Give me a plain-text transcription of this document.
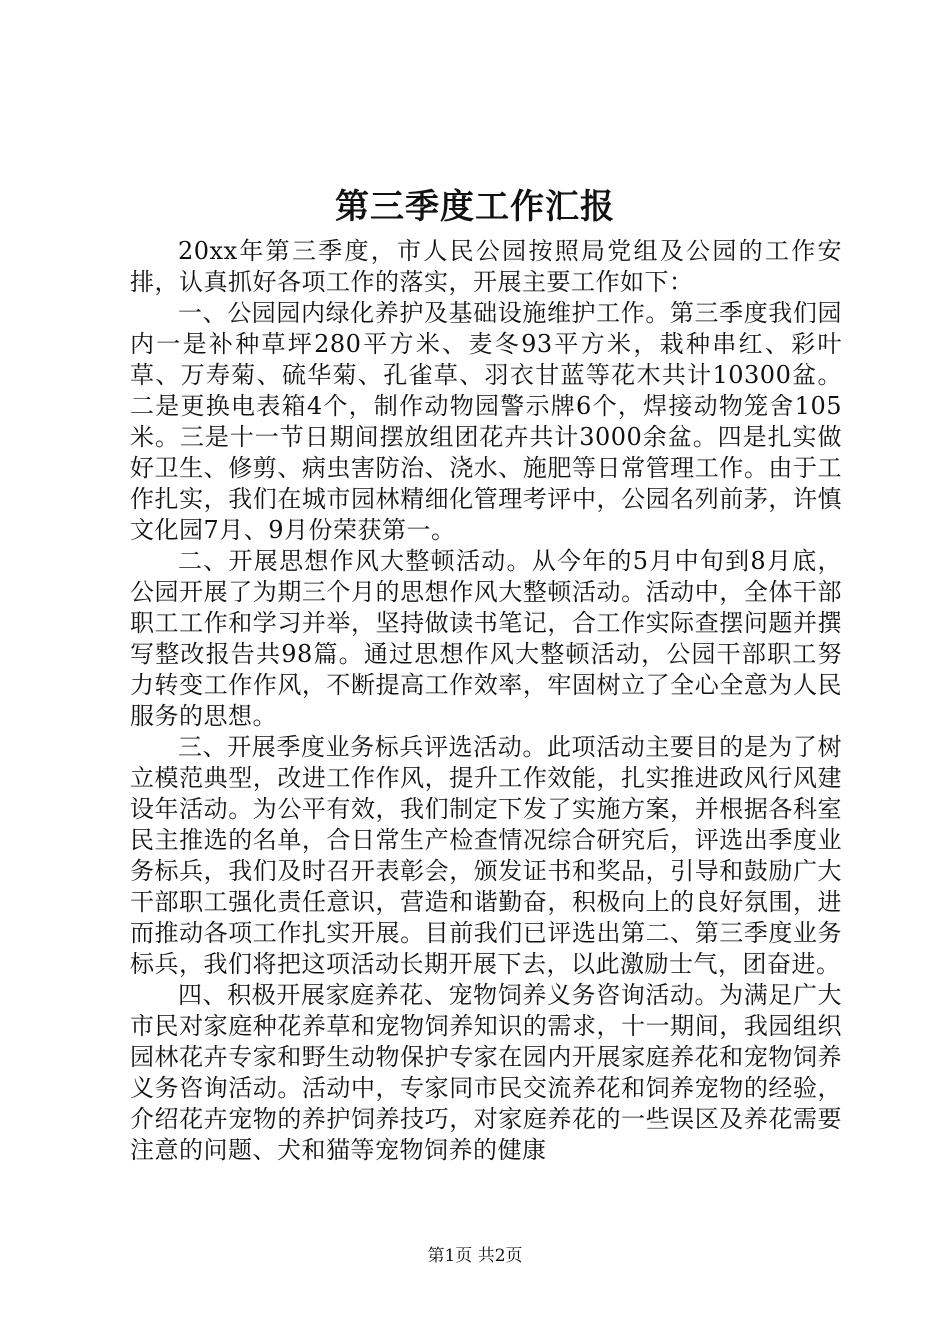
第三季度工作汇报

20xx年第三季度，市人民公园按照局党组及公园的工作安排，认真抓好各项工作的落实，开展主要工作如下：

一、公园园内绿化养护及基础设施维护工作。第三季度我们园内一是补种草坪280平方米、麦冬93平方米，栽种串红、彩叶草、万寿菊、硫华菊、孔雀草、羽衣甘蓝等花木共计10300盆。二是更换电表箱4个，制作动物园警示牌6个，焊接动物笼舍105米。三是十一节日期间摆放组团花卉共计3000余盆。四是扎实做好卫生、修剪、病虫害防治、浇水、施肥等日常管理工作。由于工作扎实，我们在城市园林精细化管理考评中，公园名列前茅，许慎文化园7月、9月份荣获第一。

二、开展思想作风大整顿活动。从今年的5月中旬到8月底，公园开展了为期三个月的思想作风大整顿活动。活动中，全体干部职工工作和学习并举，坚持做读书笔记，合工作实际查摆问题并撰写整改报告共98篇。通过思想作风大整顿活动，公园干部职工努力转变工作作风，不断提高工作效率，牢固树立了全心全意为人民服务的思想。

三、开展季度业务标兵评选活动。此项活动主要目的是为了树立模范典型，改进工作作风，提升工作效能，扎实推进政风行风建设年活动。为公平有效，我们制定下发了实施方案，并根据各科室民主推选的名单，合日常生产检查情况综合研究后，评选出季度业务标兵，我们及时召开表彰会，颁发证书和奖品，引导和鼓励广大干部职工强化责任意识，营造和谐勤奋，积极向上的良好氛围，进而推动各项工作扎实开展。目前我们已评选出第二、第三季度业务标兵，我们将把这项活动长期开展下去，以此激励士气，团奋进。

四、积极开展家庭养花、宠物饲养义务咨询活动。为满足广大市民对家庭种花养草和宠物饲养知识的需求，十一期间，我园组织园林花卉专家和野生动物保护专家在园内开展家庭养花和宠物饲养义务咨询活动。活动中，专家同市民交流养花和饲养宠物的经验，介绍花卉宠物的养护饲养技巧，对家庭养花的一些误区及养花需要注意的问题、犬和猫等宠物饲养的健康

第1页 共2页
